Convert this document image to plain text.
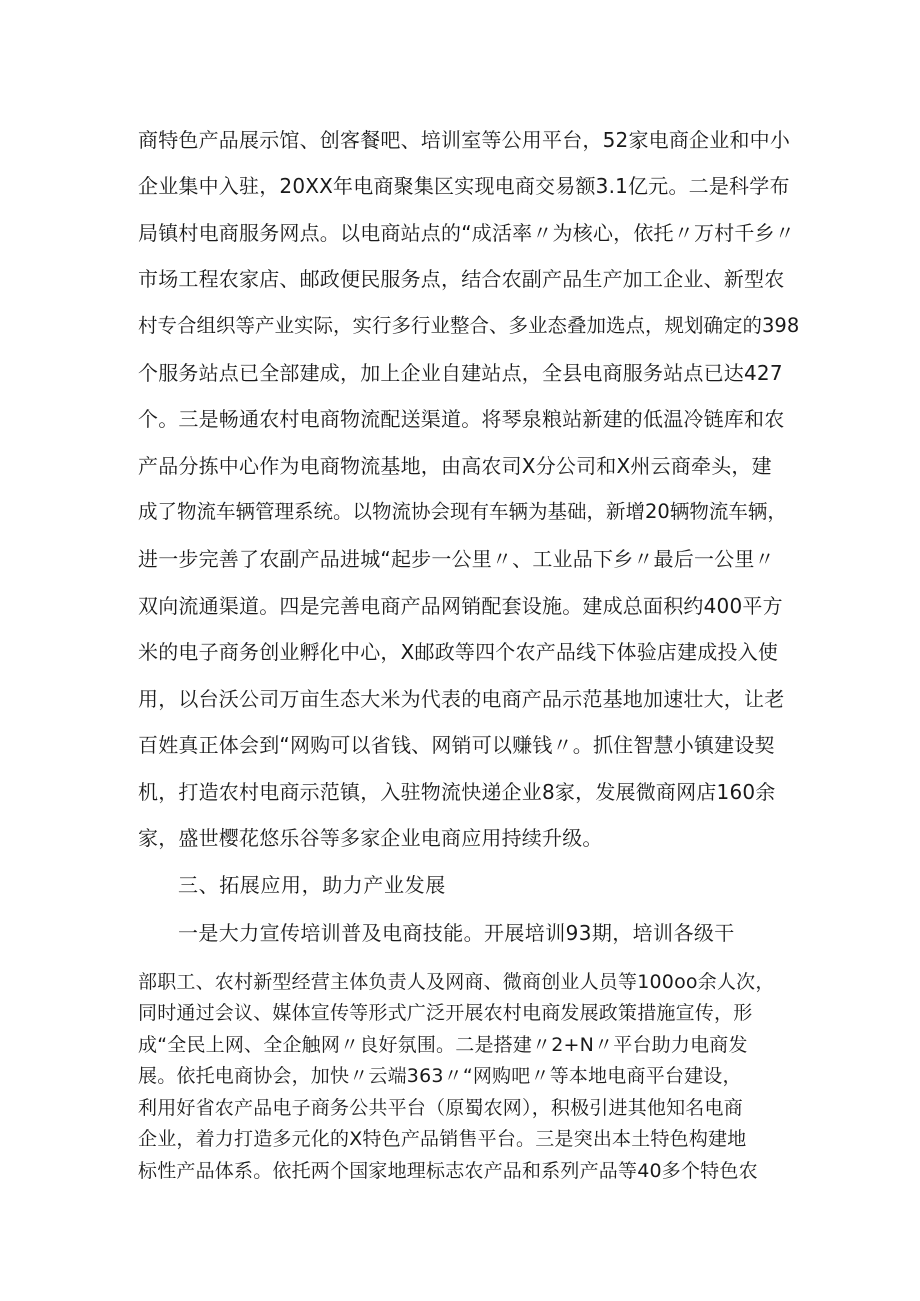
商特色产品展示馆、创客餐吧、培训室等公用平台，52家电商企业和中小
企业集中入驻，20XX年电商聚集区实现电商交易额3.1亿元。二是科学布
局镇村电商服务网点。以电商站点的“成活率〃为核心，依托〃万村千乡〃
市场工程农家店、邮政便民服务点，结合农副产品生产加工企业、新型农
村专合组织等产业实际，实行多行业整合、多业态叠加选点，规划确定的398
个服务站点已全部建成，加上企业自建站点，全县电商服务站点已达427
个。三是畅通农村电商物流配送渠道。将琴泉粮站新建的低温冷链库和农
产品分拣中心作为电商物流基地，由高农司X分公司和X州云商牵头，建
成了物流车辆管理系统。以物流协会现有车辆为基础，新增20辆物流车辆，
进一步完善了农副产品进城“起步一公里〃、工业品下乡〃最后一公里〃
双向流通渠道。四是完善电商产品网销配套设施。建成总面积约400平方
米的电子商务创业孵化中心，X邮政等四个农产品线下体验店建成投入使
用，以台沃公司万亩生态大米为代表的电商产品示范基地加速壮大，让老
百姓真正体会到“网购可以省钱、网销可以赚钱〃。抓住智慧小镇建设契
机，打造农村电商示范镇，入驻物流快递企业8家，发展微商网店160余
家，盛世樱花悠乐谷等多家企业电商应用持续升级。
三、拓展应用，助力产业发展
一是大力宣传培训普及电商技能。开展培训93期，培训各级干
部职工、农村新型经营主体负责人及网商、微商创业人员等100oo余人次，
同时通过会议、媒体宣传等形式广泛开展农村电商发展政策措施宣传，形
成“全民上网、全企触网〃良好氛围。二是搭建〃2+N〃平台助力电商发
展。依托电商协会，加快〃云端363〃“网购吧〃等本地电商平台建设，
利用好省农产品电子商务公共平台（原蜀农网），积极引进其他知名电商
企业，着力打造多元化的X特色产品销售平台。三是突出本土特色构建地
标性产品体系。依托两个国家地理标志农产品和系列产品等40多个特色农
